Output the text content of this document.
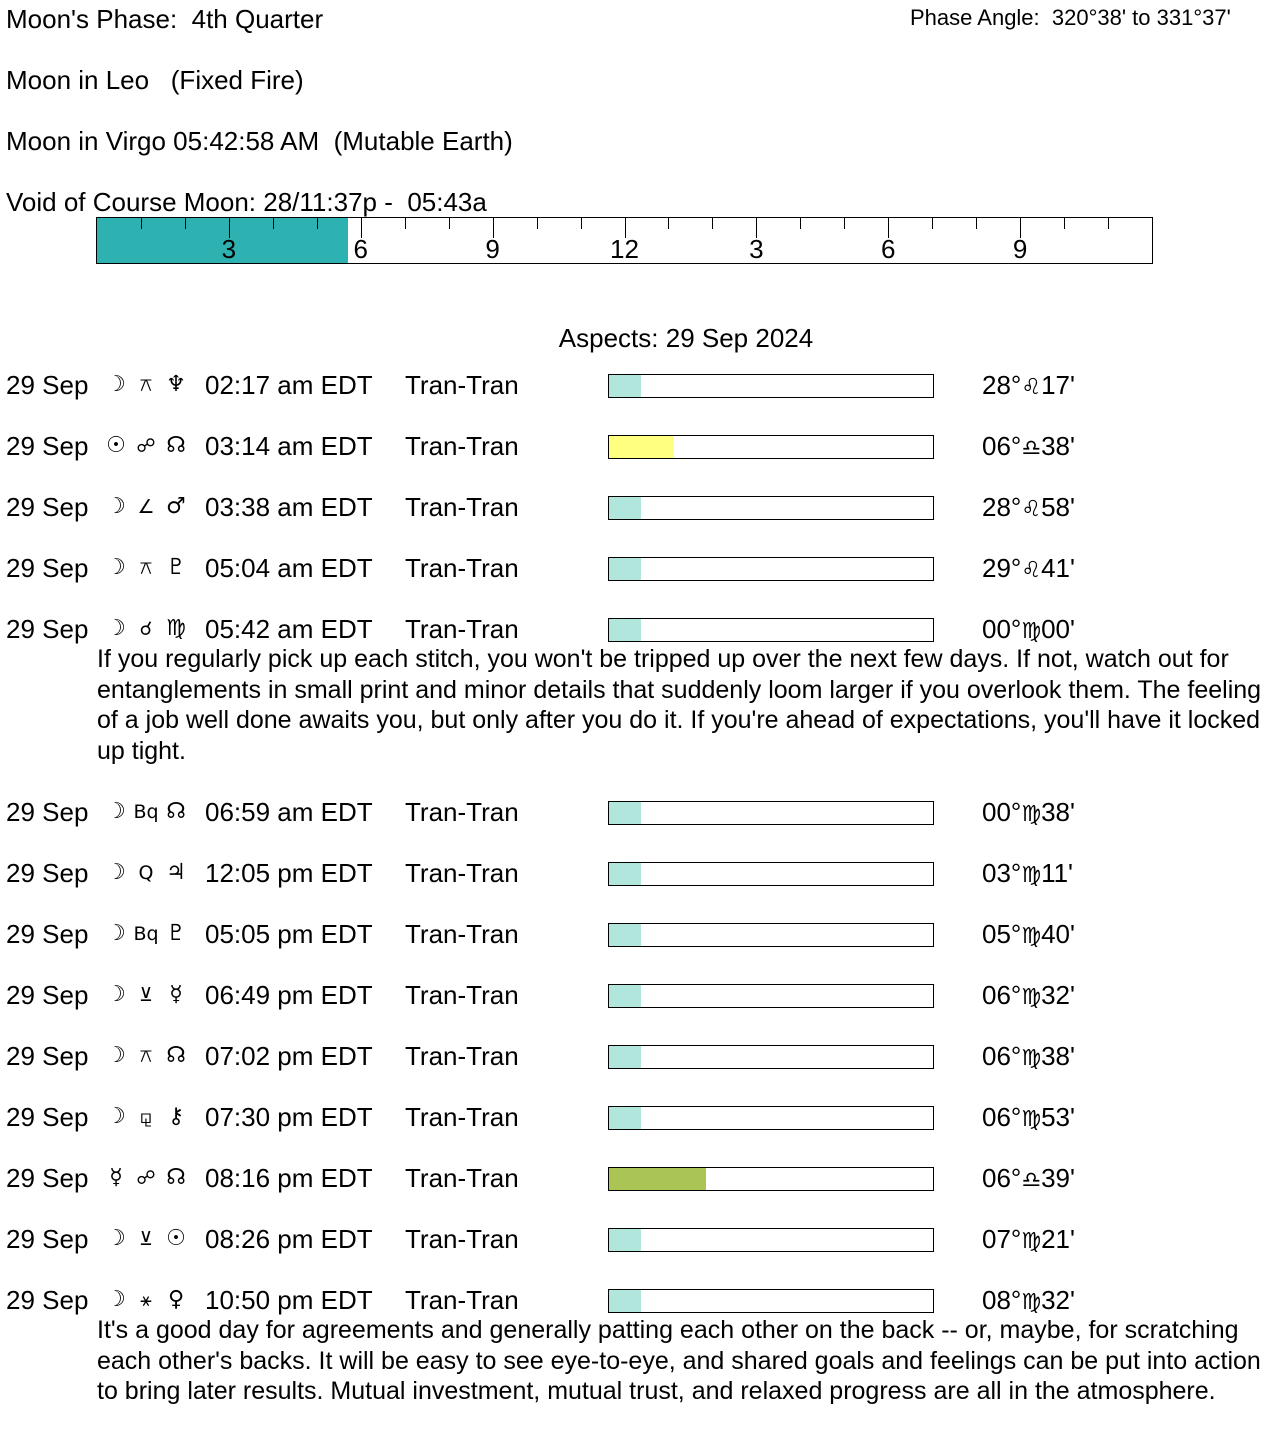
Moon's Phase:  4th Quarter	Phase Angle:  320°38' to 331°37'
Moon in Leo   (Fixed Fire)
Moon in Virgo 05:42:58 AM  (Mutable Earth)
Void of Course Moon: 28/11:37p -  05:43a
3	6	9	12	3	6	9
Aspects: 29 Sep 2024
29 Sep ☽ ⚻ ♆ 02:17 am EDT Tran-Tran	28°♌17'
29 Sep ☉ ☍ ☊ 03:14 am EDT Tran-Tran	06°♎38'
29 Sep ☽ ∠ ♂ 03:38 am EDT Tran-Tran	28°♌58'
29 Sep ☽ ⚻ ♇ 05:04 am EDT Tran-Tran	29°♌41'
29 Sep ☽ ☌ ♍ 05:42 am EDT Tran-Tran	00°♍00'
If you regularly pick up each stitch, you won't be tripped up over the next few days. If not, watch out for entanglements in small print and minor details that suddenly loom larger if you overlook them. The feeling of a job well done awaits you, but only after you do it. If you're ahead of expectations, you'll have it locked up tight.
29 Sep ☽ Bq ☊ 06:59 am EDT Tran-Tran	00°♍38'
29 Sep ☽ Q ♃ 12:05 pm EDT Tran-Tran	03°♍11'
29 Sep ☽ Bq ♇ 05:05 pm EDT Tran-Tran	05°♍40'
29 Sep ☽ ⊻ ☿ 06:49 pm EDT Tran-Tran	06°♍32'
29 Sep ☽ ⚻ ☊ 07:02 pm EDT Tran-Tran	06°♍38'
29 Sep ☽ ⚼ ⚷ 07:30 pm EDT Tran-Tran	06°♍53'
29 Sep ☿ ☍ ☊ 08:16 pm EDT Tran-Tran	06°♎39'
29 Sep ☽ ⊻ ☉ 08:26 pm EDT Tran-Tran	07°♍21'
29 Sep ☽ ⚹ ♀ 10:50 pm EDT Tran-Tran	08°♍32'
It's a good day for agreements and generally patting each other on the back -- or, maybe, for scratching each other's backs. It will be easy to see eye-to-eye, and shared goals and feelings can be put into action to bring later results. Mutual investment, mutual trust, and relaxed progress are all in the atmosphere.
